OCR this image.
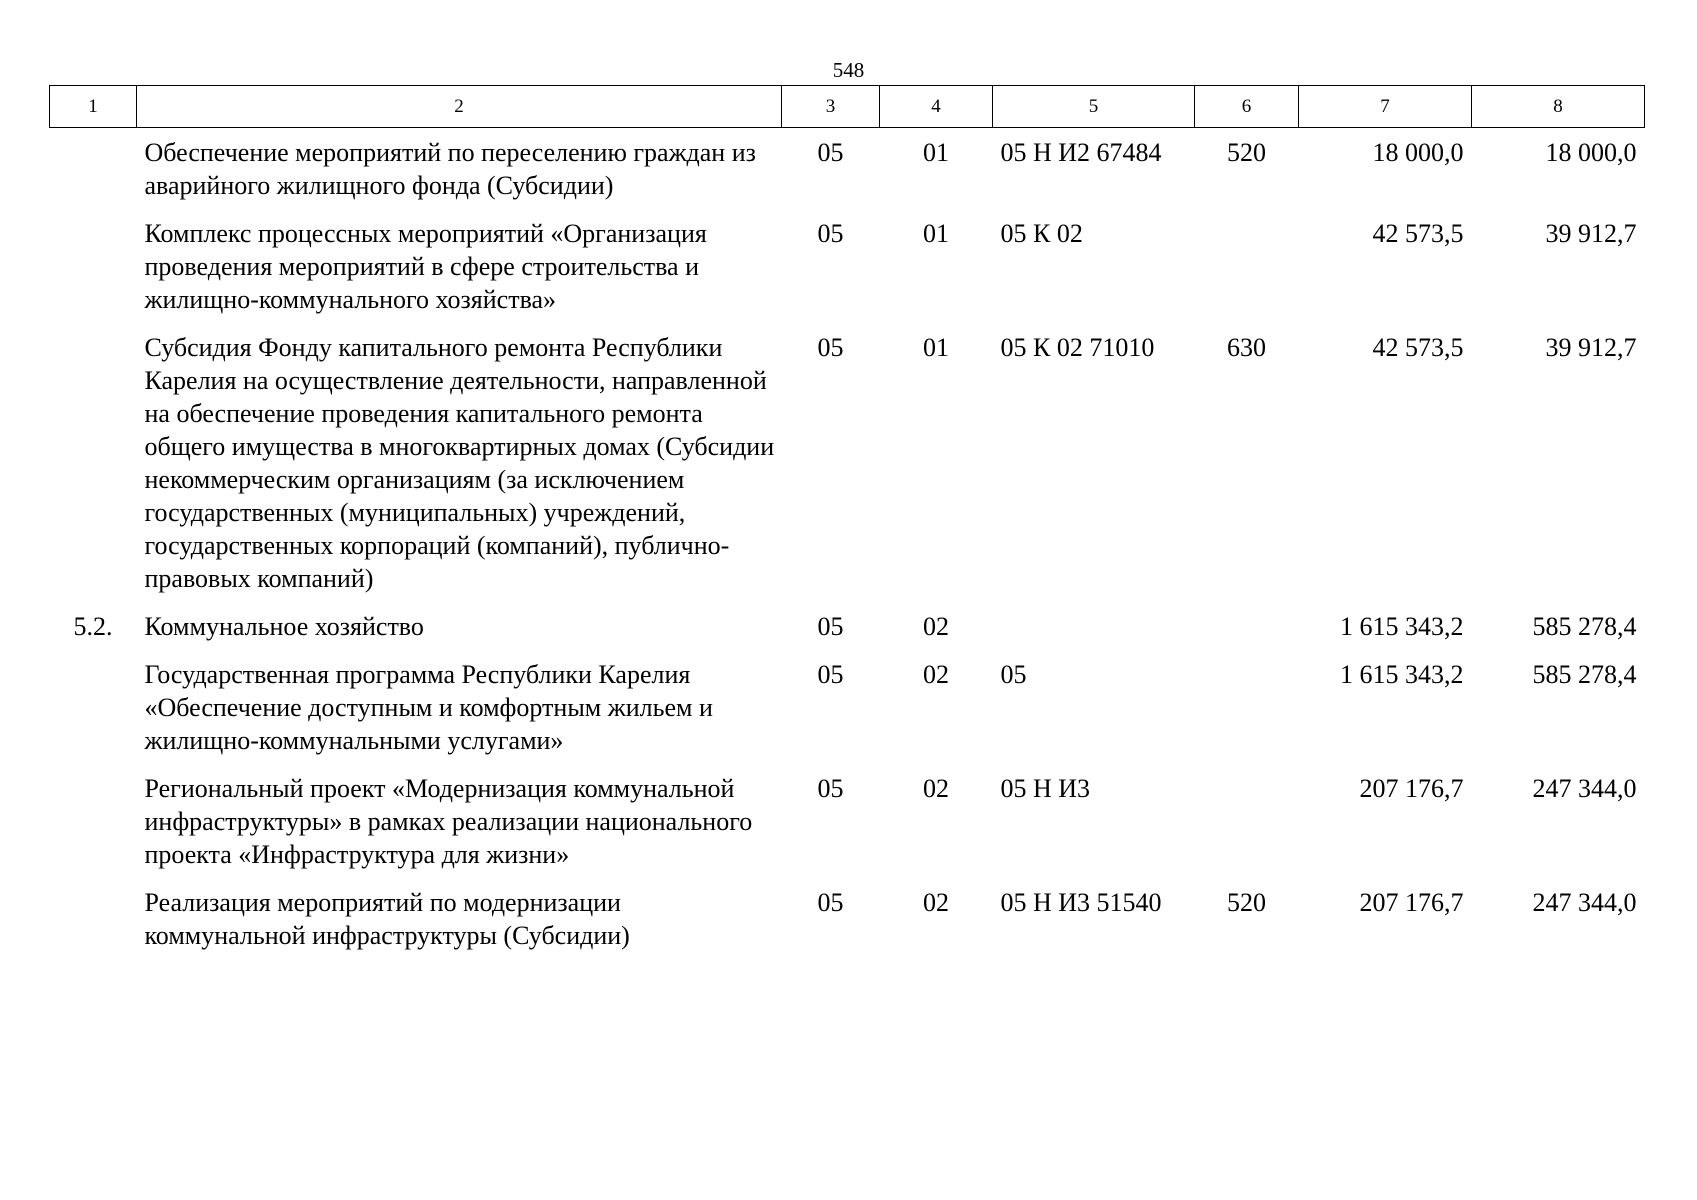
548
1	2	3	4	5	6	7	8
	Обеспечение мероприятий по переселению граждан из аварийного жилищного фонда (Субсидии)	05	01	05 Н И2 67484	520	18 000,0	18 000,0
	Комплекс процессных мероприятий «Организация проведения мероприятий в сфере строительства и жилищно-коммунального хозяйства»	05	01	05 К 02		42 573,5	39 912,7
	Субсидия Фонду капитального ремонта Республики Карелия на осуществление деятельности, направленной на обеспечение проведения капитального ремонта общего имущества в многоквартирных домах (Субсидии некоммерческим организациям (за исключением государственных (муниципальных) учреждений, государственных корпораций (компаний), публично-правовых компаний)	05	01	05 К 02 71010	630	42 573,5	39 912,7
5.2.	Коммунальное хозяйство	05	02			1 615 343,2	585 278,4
	Государственная программа Республики Карелия «Обеспечение доступным и комфортным жильем и жилищно-коммунальными услугами»	05	02	05		1 615 343,2	585 278,4
	Региональный проект «Модернизация коммунальной инфраструктуры» в рамках реализации национального проекта «Инфраструктура для жизни»	05	02	05 Н И3		207 176,7	247 344,0
	Реализация мероприятий по модернизации коммунальной инфраструктуры (Субсидии)	05	02	05 Н И3 51540	520	207 176,7	247 344,0
